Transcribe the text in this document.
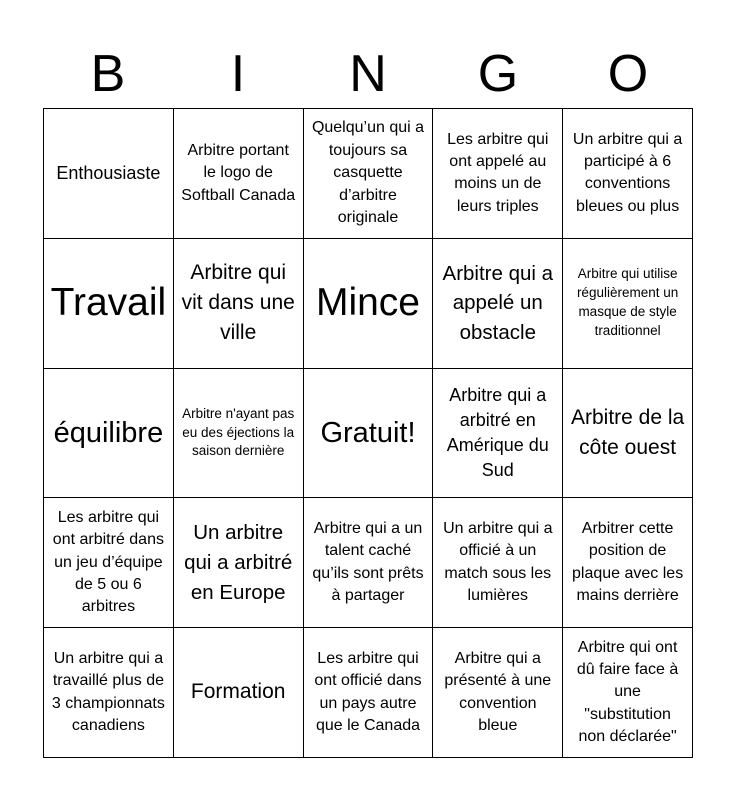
B	I	N	G	O
Enthousiaste
Arbitre portant le logo de Softball Canada
Quelqu’un qui a toujours sa casquette d’arbitre originale
Les arbitre qui ont appelé au moins un de leurs triples
Un arbitre qui a participé à 6 conventions bleues ou plus
Travail
Arbitre qui vit dans une ville
Mince
Arbitre qui a appelé un obstacle
Arbitre qui utilise régulièrement un masque de style traditionnel
équilibre
Arbitre n'ayant pas eu des éjections la saison dernière
Gratuit!
Arbitre qui a arbitré en Amérique du Sud
Arbitre de la côte ouest
Les arbitre qui ont arbitré dans un jeu d’équipe de 5 ou 6 arbitres
Un arbitre qui a arbitré en Europe
Arbitre qui a un talent caché qu’ils sont prêts à partager
Un arbitre qui a officié à un match sous les lumières
Arbitrer cette position de plaque avec les mains derrière
Un arbitre qui a travaillé plus de 3 championnats canadiens
Formation
Les arbitre qui ont officié dans un pays autre que le Canada
Arbitre qui a présenté à une convention bleue
Arbitre qui ont dû faire face à une "substitution non déclarée"
